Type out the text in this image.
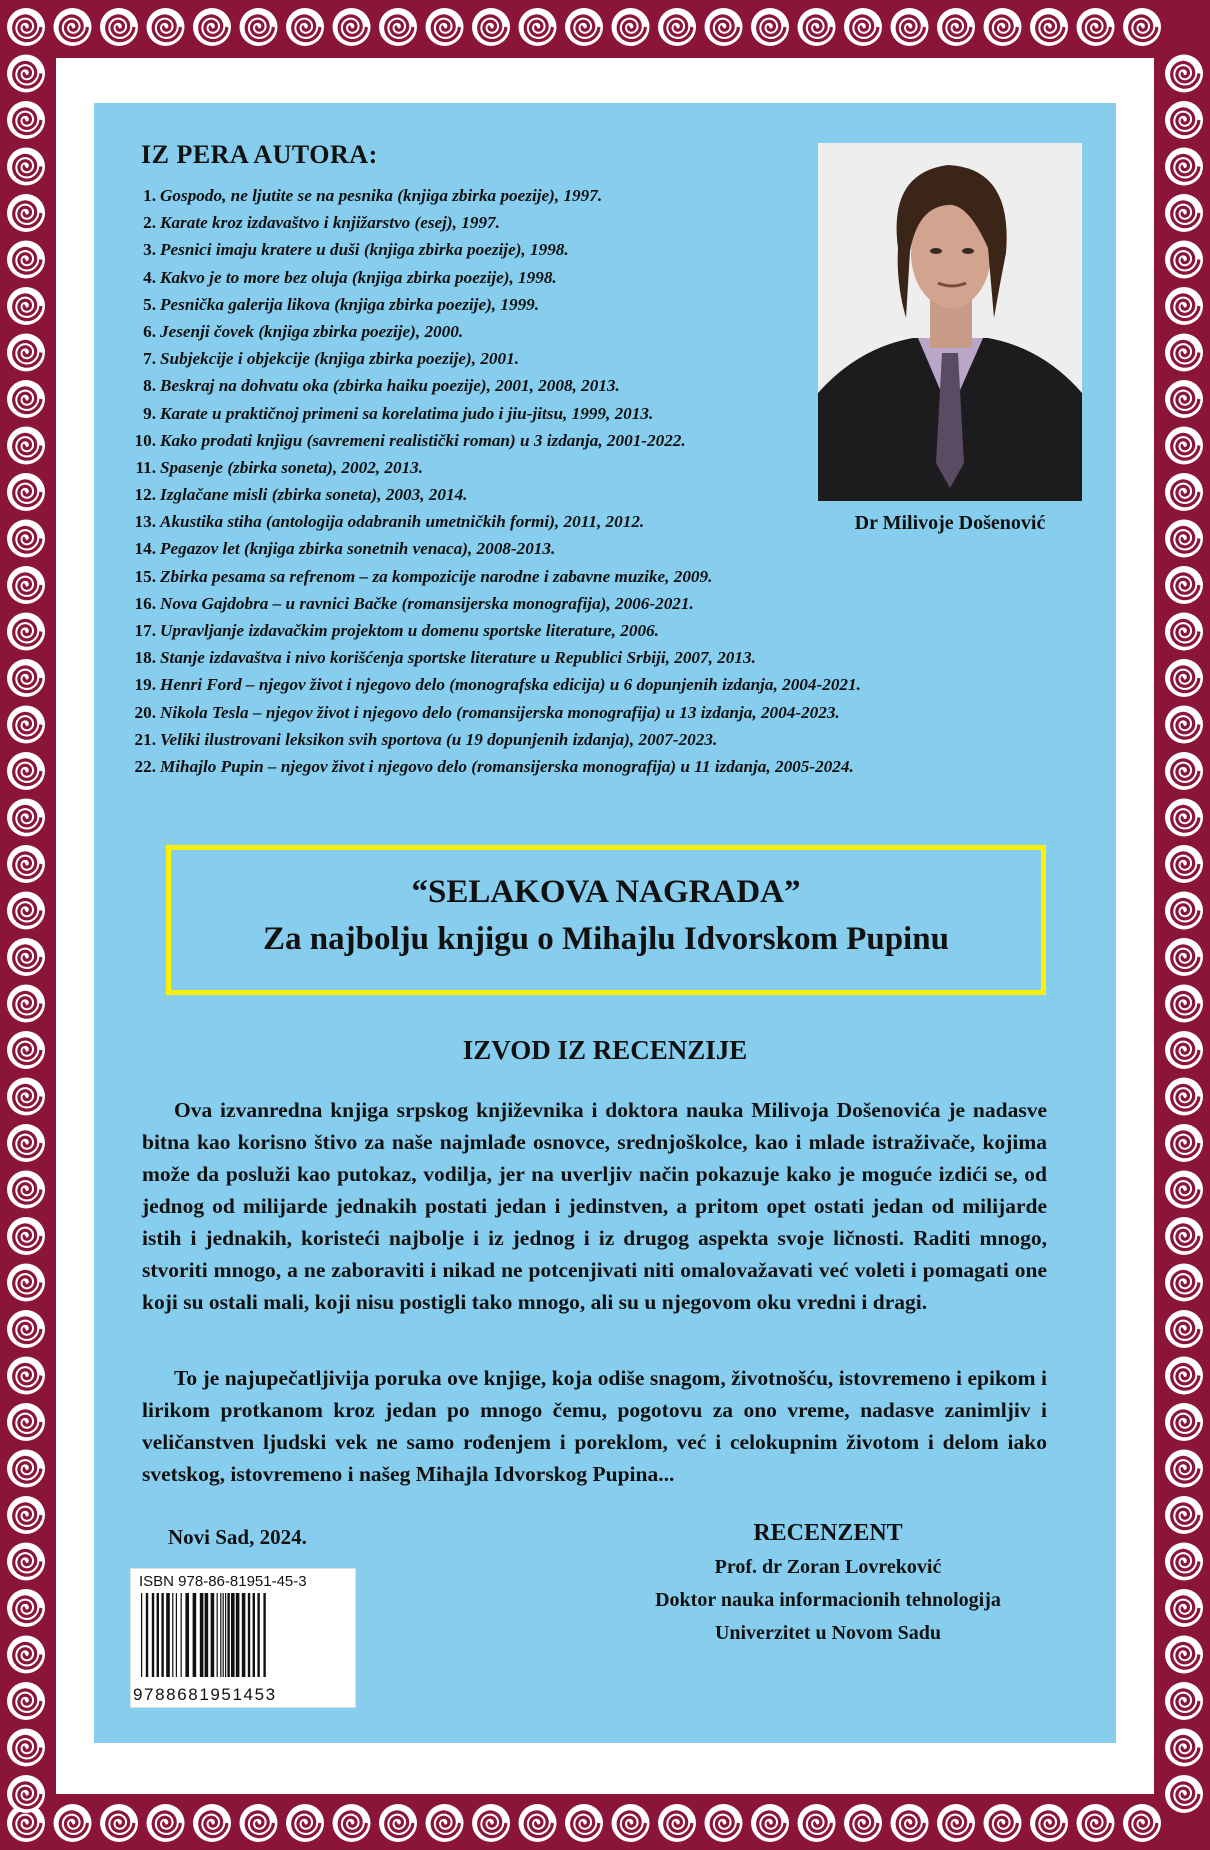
IZ PERA AUTORA:
1. Gospodo, ne ljutite se na pesnika (knjiga zbirka poezije), 1997.
2. Karate kroz izdavaštvo i knjižarstvo (esej), 1997.
3. Pesnici imaju kratere u duši (knjiga zbirka poezije), 1998.
4. Kakvo je to more bez oluja (knjiga zbirka poezije), 1998.
5. Pesnička galerija likova (knjiga zbirka poezije), 1999.
6. Jesenji čovek (knjiga zbirka poezije), 2000.
7. Subjekcije i objekcije (knjiga zbirka poezije), 2001.
8. Beskraj na dohvatu oka (zbirka haiku poezije), 2001, 2008, 2013.
9. Karate u praktičnoj primeni sa korelatima judo i jiu-jitsu, 1999, 2013.
10. Kako prodati knjigu (savremeni realistički roman) u 3 izdanja, 2001-2022.
11. Spasenje (zbirka soneta), 2002, 2013.
12. Izglačane misli (zbirka soneta), 2003, 2014.
13. Akustika stiha (antologija odabranih umetničkih formi), 2011, 2012.
14. Pegazov let (knjiga zbirka sonetnih venaca), 2008-2013.
15. Zbirka pesama sa refrenom – za kompozicije narodne i zabavne muzike, 2009.
16. Nova Gajdobra – u ravnici Bačke (romansijerska monografija), 2006-2021.
17. Upravljanje izdavačkim projektom u domenu sportske literature, 2006.
18. Stanje izdavaštva i nivo korišćenja sportske literature u Republici Srbiji, 2007, 2013.
19. Henri Ford – njegov život i njegovo delo (monografska edicija) u 6 dopunjenih izdanja, 2004-2021.
20. Nikola Tesla – njegov život i njegovo delo (romansijerska monografija) u 13 izdanja, 2004-2023.
21. Veliki ilustrovani leksikon svih sportova (u 19 dopunjenih izdanja), 2007-2023.
22. Mihajlo Pupin – njegov život i njegovo delo (romansijerska monografija) u 11 izdanja, 2005-2024.
Dr Milivoje Došenović
“SELAKOVA NAGRADA”
Za najbolju knjigu o Mihajlu Idvorskom Pupinu
IZVOD IZ RECENZIJE
Ova izvanredna knjiga srpskog književnika i doktora nauka Milivoja Došenovića je nadasve bitna kao korisno štivo za naše najmlađe osnovce, srednjoškolce, kao i mlade istraživače, kojima može da posluži kao putokaz, vodilja, jer na uverljiv način pokazuje kako je moguće izdići se, od jednog od milijarde jednakih postati jedan i jedinstven, a pritom opet ostati jedan od milijarde istih i jednakih, koristeći najbolje i iz jednog i iz drugog aspekta svoje ličnosti. Raditi mnogo, stvoriti mnogo, a ne zaboraviti i nikad ne potcenjivati niti omalovažavati već voleti i pomagati one koji su ostali mali, koji nisu postigli tako mnogo, ali su u njegovom oku vredni i dragi.
To je najupečatljivija poruka ove knjige, koja odiše snagom, životnošću, istovremeno i epikom i lirikom protkanom kroz jedan po mnogo čemu, pogotovu za ono vreme, nadasve zanimljiv i veličanstven ljudski vek ne samo rođenjem i poreklom, već i celokupnim životom i delom iako svetskog, istovremeno i našeg Mihajla Idvorskog Pupina...
Novi Sad, 2024.	RECENZENT
Prof. dr Zoran Lovreković
Doktor nauka informacionih tehnologija
Univerzitet u Novom Sadu
ISBN 978-86-81951-45-3
9788681951453
